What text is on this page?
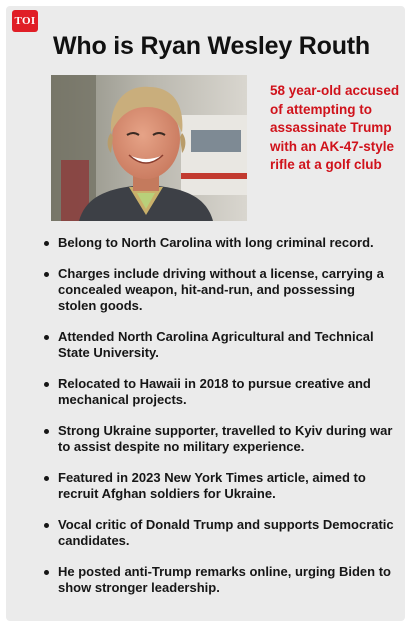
TOI
Who is Ryan Wesley Routh
58 year-old accused of attempting to assassinate Trump with an AK-47-style rifle at a golf club
Belong to North Carolina with long criminal record.
Charges include driving without a license, carrying a concealed weapon, hit-and-run, and possessing stolen goods.
Attended North Carolina Agricultural and Technical State University.
Relocated to Hawaii in 2018 to pursue creative and mechanical projects.
Strong Ukraine supporter, travelled to Kyiv during war to assist despite no military experience.
Featured in 2023 New York Times article, aimed to recruit Afghan soldiers for Ukraine.
Vocal critic of Donald Trump and supports Democratic candidates.
He posted anti-Trump remarks online, urging Biden to show stronger leadership.
